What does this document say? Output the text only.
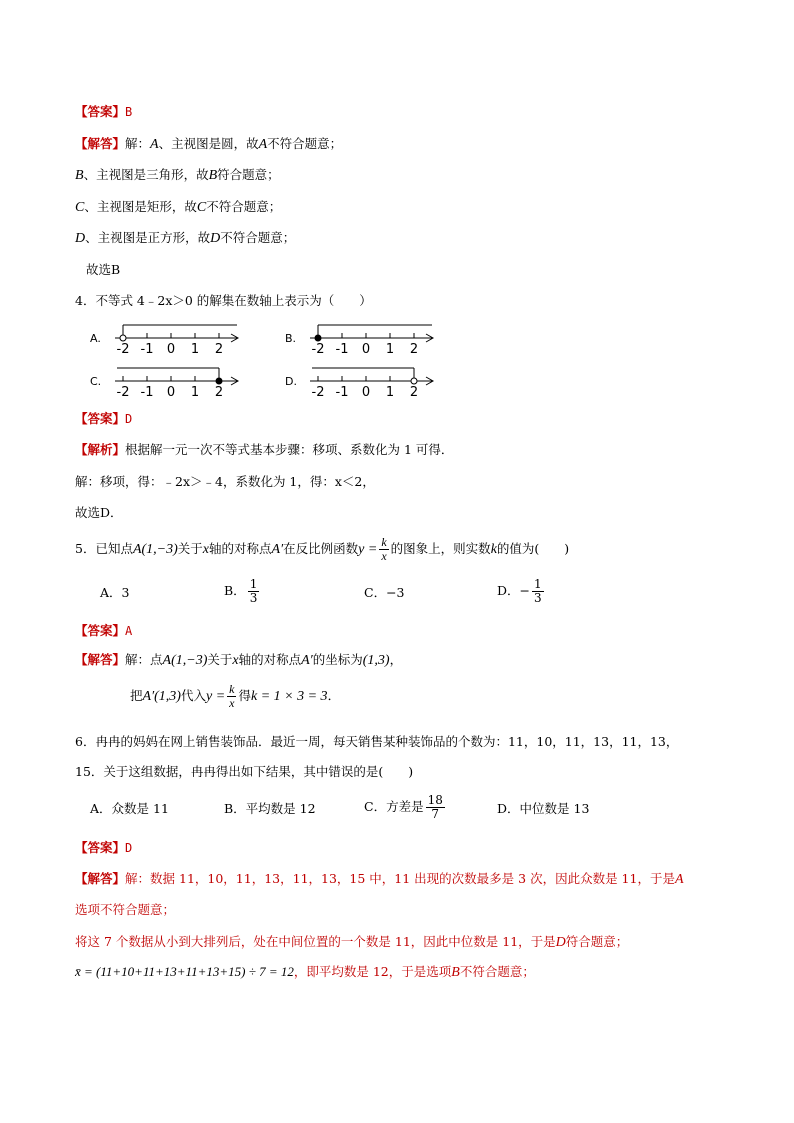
【答案】B
【解答】解：A、主视图是圆，故A不符合题意；
B、主视图是三角形，故B符合题意；
C、主视图是矩形，故C不符合题意；
D、主视图是正方形，故D不符合题意；
故选B
4．不等式 4﹣2x＞0 的解集在数轴上表示为（　　）
A.
-2 -1 0 1 2
B.
-2 -1 0 1 2
C.
-2 -1 0 1 2
D.
-2 -1 0 1 2
【答案】D
【解析】根据解一元一次不等式基本步骤：移项、系数化为 1 可得．
解：移项，得：﹣2x＞﹣4，系数化为 1，得：x＜2，
故选D．
5．已知点A(1,−3)关于x轴的对称点A′在反比例函数$y = \frac{k}{x}$ 的图象上，则实数k的值为(　　)
A．3	B． $\frac{1}{3}$	C．−3	D．− $\frac{1}{3}$
【答案】A
【解答】解：点A(1,−3)关于x轴的对称点A′的坐标为(1,3)，
把A′(1,3)代入$y = \frac{k}{x}$ 得k = 1 × 3 = 3．
6．冉冉的妈妈在网上销售装饰品．最近一周，每天销售某种装饰品的个数为：11，10，11，13，11，13，
15．关于这组数据，冉冉得出如下结果，其中错误的是(　　)
A．众数是 11	B．平均数是 12	C．方差是 $\frac{18}{7}$	D．中位数是 13
【答案】D
【解答】解：数据 11，10，11，13，11，13，15 中，11 出现的次数最多是 3 次，因此众数是 11，于是A
选项不符合题意；
将这 7 个数据从小到大排列后，处在中间位置的一个数是 11，因此中位数是 11，于是D符合题意；
x̄ = (11+10+11+13+11+13+15) ÷ 7 = 12，即平均数是 12，于是选项B不符合题意；
